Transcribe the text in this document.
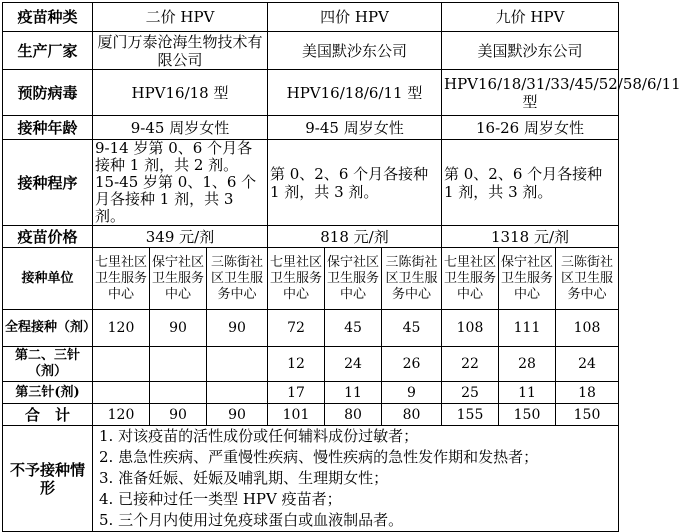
疫苗种类	二价 HPV			四价 HPV			九价 HPV		
生产厂家	厦门万泰沧海生物技术有限公司			美国默沙东公司			美国默沙东公司		
预防病毒	HPV16/18 型			HPV16/18/6/11 型			HPV16/18/31/33/45/52/58/6/11 型		
接种年龄	9-45 周岁女性			9-45 周岁女性			16-26 周岁女性		
接种程序	9-14 岁第 0、6 个月各接种 1 剂，共 2 剂。
15-45 岁第 0、1、6 个月各接种 1 剂，共 3 剂。			第 0、2、6 个月各接种 1 剂，共 3 剂。			第 0、2、6 个月各接种 1 剂，共 3 剂。		
疫苗价格	349 元/剂			818 元/剂			1318 元/剂		
接种单位	七里社区卫生服务中心	保宁社区卫生服务中心	三陈街社区卫生服务中心	七里社区卫生服务中心	保宁社区卫生服务中心	三陈街社区卫生服务中心	七里社区卫生服务中心	保宁社区卫生服务中心	三陈街社区卫生服务中心
全程接种（剂）	120	90	90	72	45	45	108	111	108
第二、三针（剂）				12	24	26	22	28	24
第三针(剂)				17	11	9	25	11	18
合　计	120	90	90	101	80	80	155	150	150
不予接种情形	1. 对该疫苗的活性成份或任何辅料成份过敏者；
2. 患急性疾病、严重慢性疾病、慢性疾病的急性发作期和发热者；
3. 准备妊娠、妊娠及哺乳期、生理期女性；
4. 已接种过任一类型 HPV 疫苗者；
5. 三个月内使用过免疫球蛋白或血液制品者。								
